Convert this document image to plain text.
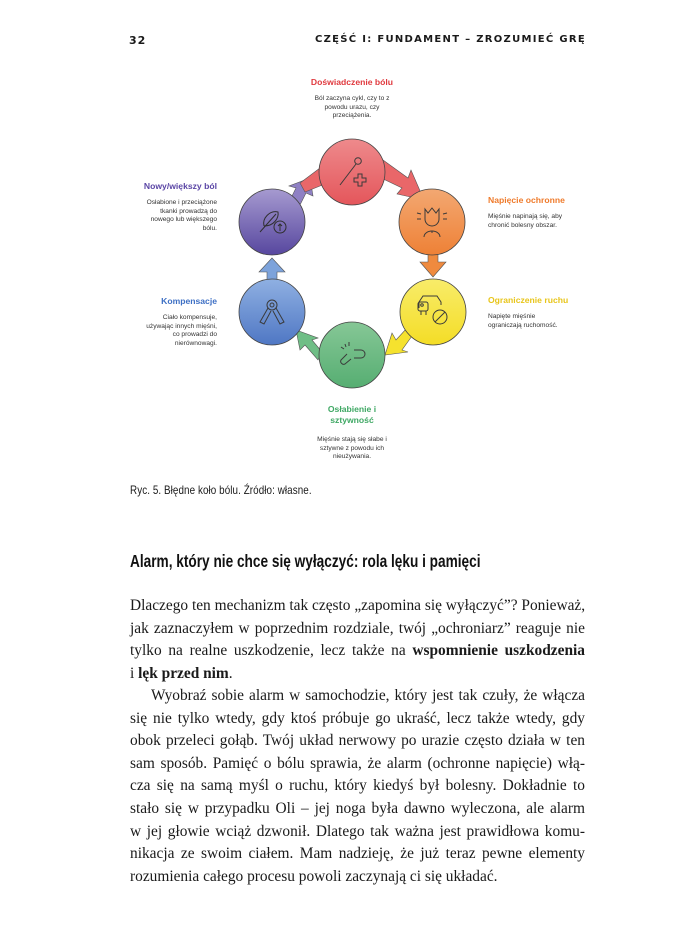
32	CZĘŚĆ I: FUNDAMENT – ZROZUMIEĆ GRĘ
Doświadczenie bólu
Ból zaczyna cykl, czy to z
powodu urazu, czy
przeciążenia.
Napięcie ochronne
Mięśnie napinają się, aby
chronić bolesny obszar.
Ograniczenie ruchu
Napięte mięśnie
ograniczają ruchomość.
Osłabienie i
sztywność
Mięśnie stają się słabe i
sztywne z powodu ich
nieużywania.
Kompensacje
Ciało kompensuje,
używając innych mięśni,
co prowadzi do
nierównowagi.
Nowy/większy ból
Osłabione i przeciążone
tkanki prowadzą do
nowego lub większego
bólu.
Ryc. 5. Błędne koło bólu. Źródło: własne.
Alarm, który nie chce się wyłączyć: rola lęku i pamięci
Dlaczego ten mechanizm tak często „zapomina się wyłączyć”? Ponieważ,
jak zaznaczyłem w poprzednim rozdziale, twój „ochroniarz” reaguje nie
tylko na realne uszkodzenie, lecz także na wspomnienie uszkodzenia
i lęk przed nim.
Wyobraź sobie alarm w samochodzie, który jest tak czuły, że włącza
się nie tylko wtedy, gdy ktoś próbuje go ukraść, lecz także wtedy, gdy
obok przeleci gołąb. Twój układ nerwowy po urazie często działa w ten
sam sposób. Pamięć o bólu sprawia, że alarm (ochronne napięcie) włą-
cza się na samą myśl o ruchu, który kiedyś był bolesny. Dokładnie to
stało się w przypadku Oli – jej noga była dawno wyleczona, ale alarm
w jej głowie wciąż dzwonił. Dlatego tak ważna jest prawidłowa komu-
nikacja ze swoim ciałem. Mam nadzieję, że już teraz pewne elementy
rozumienia całego procesu powoli zaczynają ci się układać.
